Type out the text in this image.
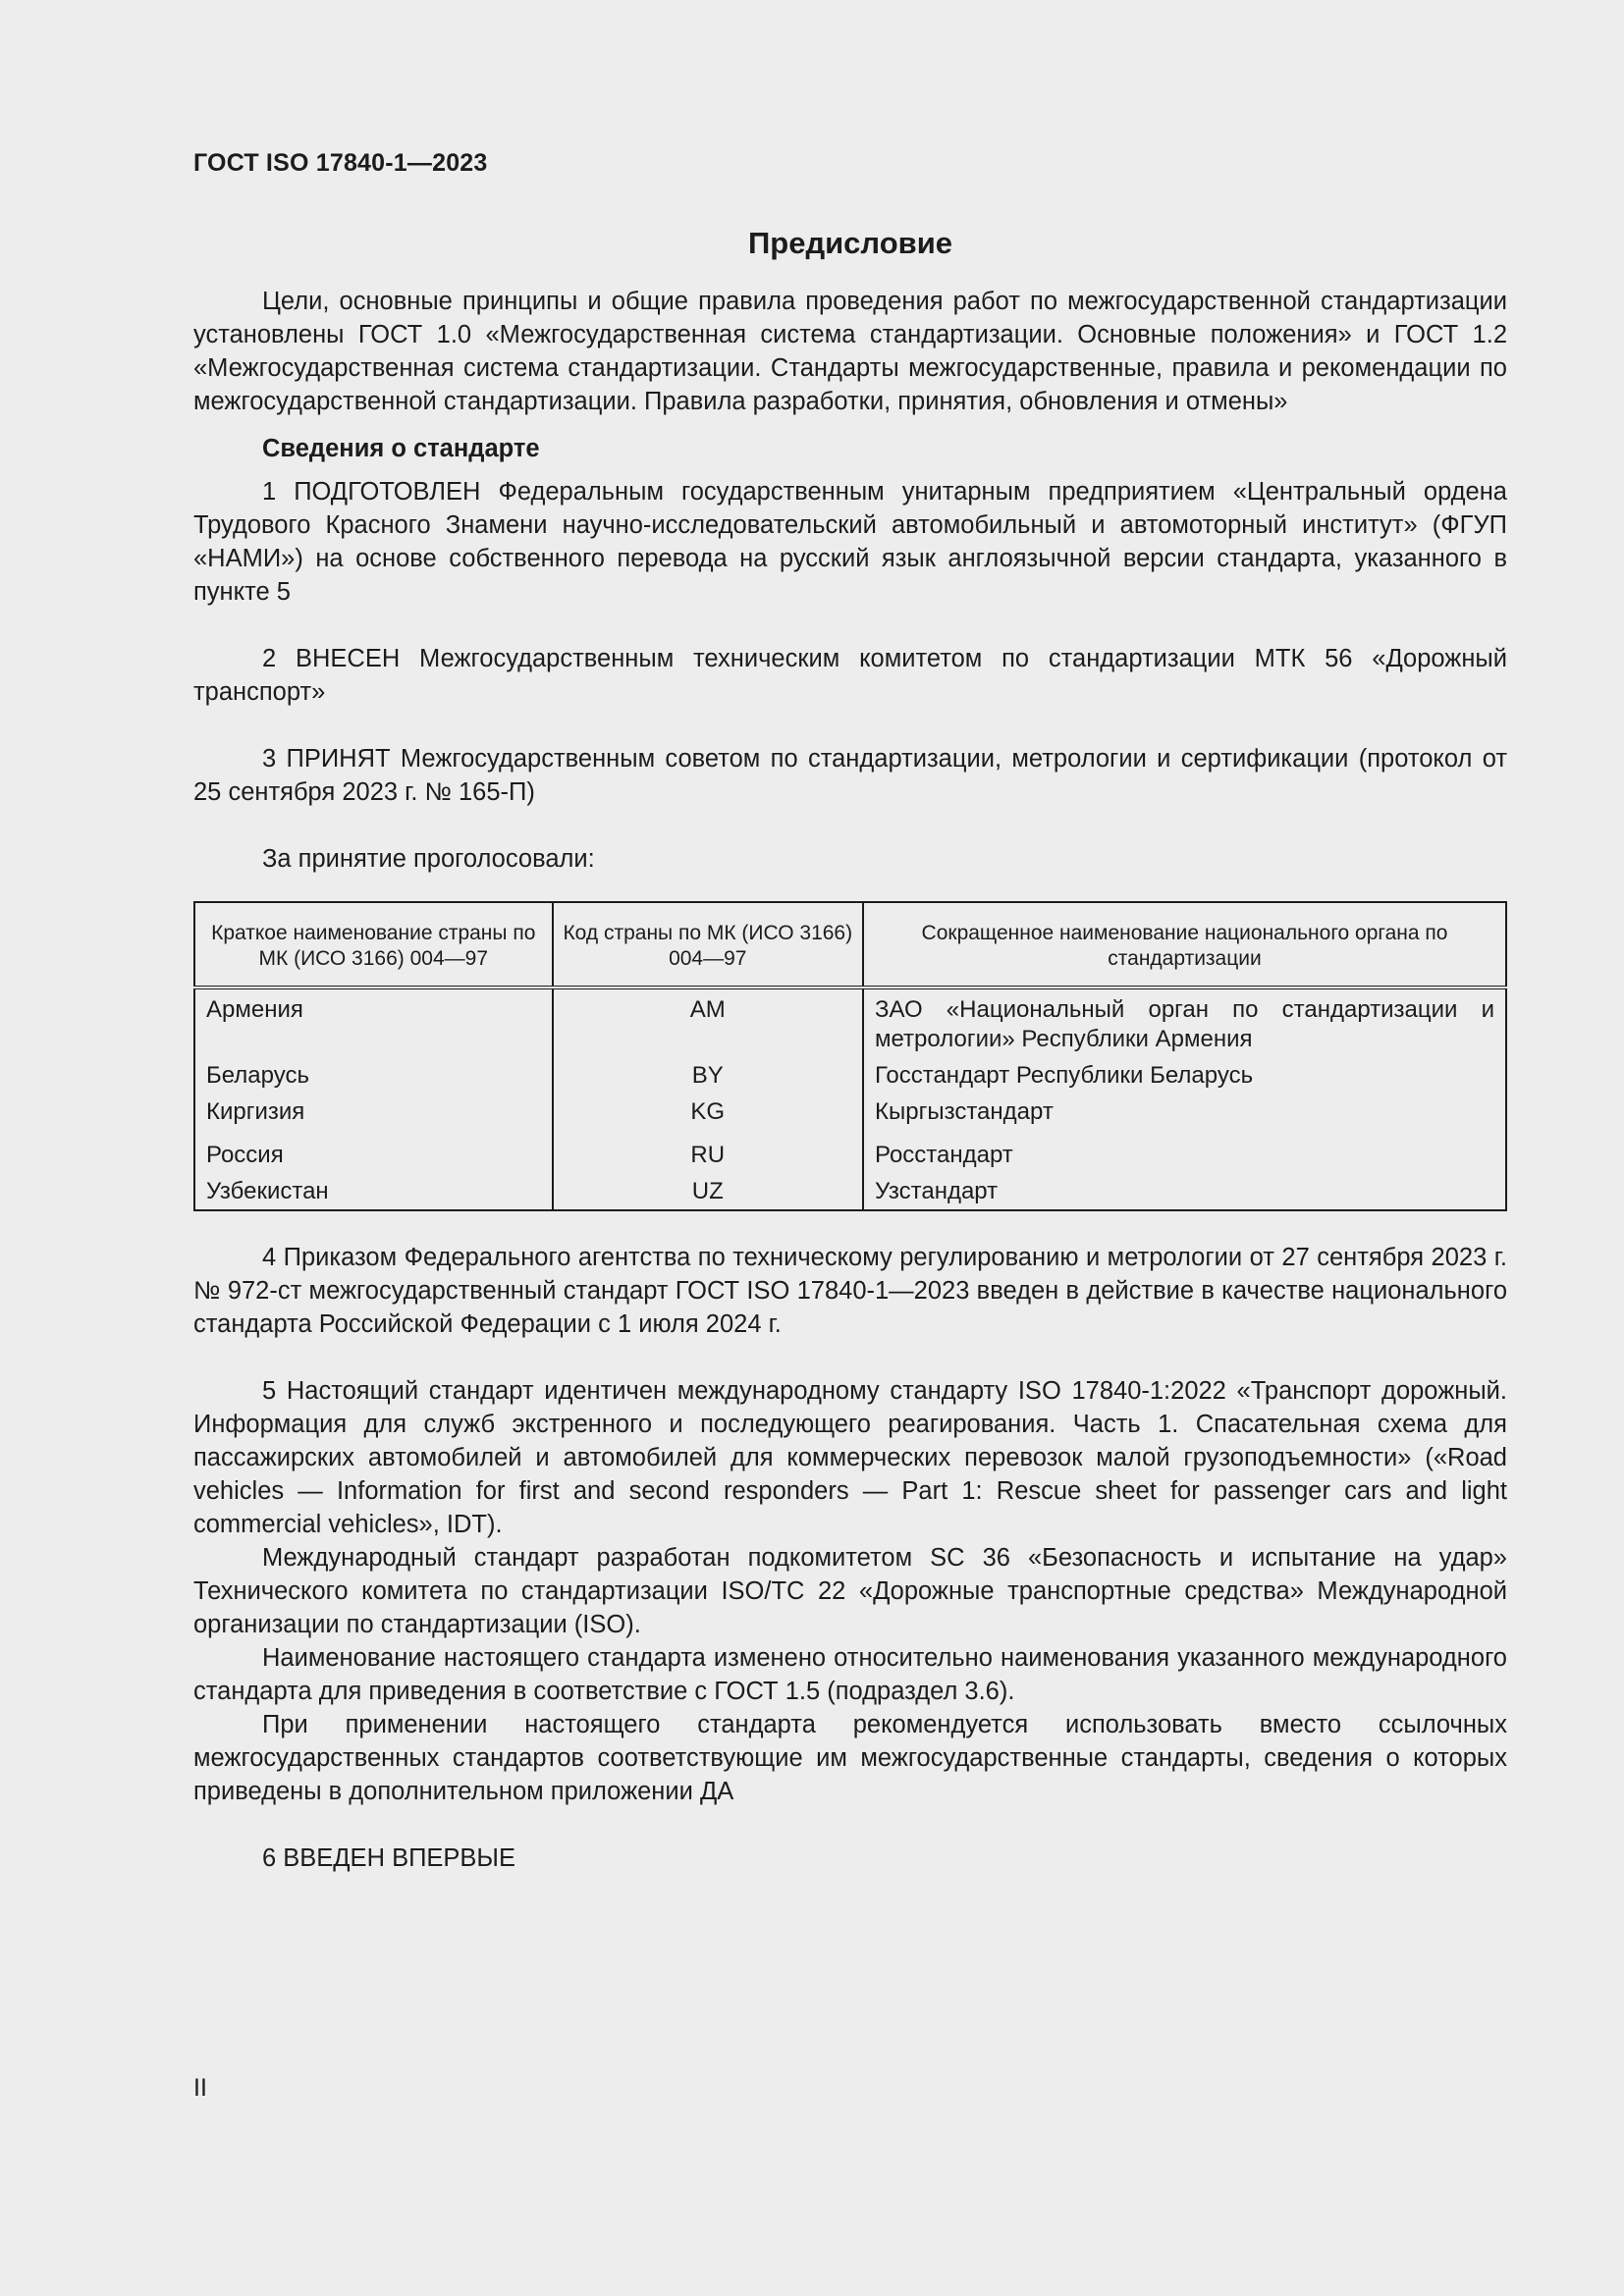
ГОСТ ISO 17840-1—2023
Предисловие

Цели, основные принципы и общие правила проведения работ по межгосударственной стандартизации установлены ГОСТ 1.0 «Межгосударственная система стандартизации. Основные положения» и ГОСТ 1.2 «Межгосударственная система стандартизации. Стандарты межгосударственные, правила и рекомендации по межгосударственной стандартизации. Правила разработки, принятия, обновления и отмены»

Сведения о стандарте

1 ПОДГОТОВЛЕН Федеральным государственным унитарным предприятием «Центральный ордена Трудового Красного Знамени научно-исследовательский автомобильный и автомоторный институт» (ФГУП «НАМИ») на основе собственного перевода на русский язык англоязычной версии стандарта, указанного в пункте 5

2 ВНЕСЕН Межгосударственным техническим комитетом по стандартизации МТК 56 «Дорожный транспорт»

3 ПРИНЯТ Межгосударственным советом по стандартизации, метрологии и сертификации (протокол от 25 сентября 2023 г. № 165-П)

За принятие проголосовали:

Краткое наименование страны по МК (ИСО 3166) 004—97	Код страны по МК (ИСО 3166) 004—97	Сокращенное наименование национального органа по стандартизации
Армения	AM	ЗАО «Национальный орган по стандартизации и метрологии» Республики Армения
Беларусь	BY	Госстандарт Республики Беларусь
Киргизия	KG	Кыргызстандарт
Россия	RU	Росстандарт
Узбекистан	UZ	Узстандарт

4 Приказом Федерального агентства по техническому регулированию и метрологии от 27 сентября 2023 г. № 972-ст межгосударственный стандарт ГОСТ ISO 17840-1—2023 введен в действие в качестве национального стандарта Российской Федерации с 1 июля 2024 г.

5 Настоящий стандарт идентичен международному стандарту ISO 17840-1:2022 «Транспорт дорожный. Информация для служб экстренного и последующего реагирования. Часть 1. Спасательная схема для пассажирских автомобилей и автомобилей для коммерческих перевозок малой грузоподъемности» («Road vehicles — Information for first and second responders — Part 1: Rescue sheet for passenger cars and light commercial vehicles», IDT).

Международный стандарт разработан подкомитетом SC 36 «Безопасность и испытание на удар» Технического комитета по стандартизации ISO/TC 22 «Дорожные транспортные средства» Международной организации по стандартизации (ISO).

Наименование настоящего стандарта изменено относительно наименования указанного международного стандарта для приведения в соответствие с ГОСТ 1.5 (подраздел 3.6).

При применении настоящего стандарта рекомендуется использовать вместо ссылочных межгосударственных стандартов соответствующие им межгосударственные стандарты, сведения о которых приведены в дополнительном приложении ДА

6 ВВЕДЕН ВПЕРВЫЕ

II
